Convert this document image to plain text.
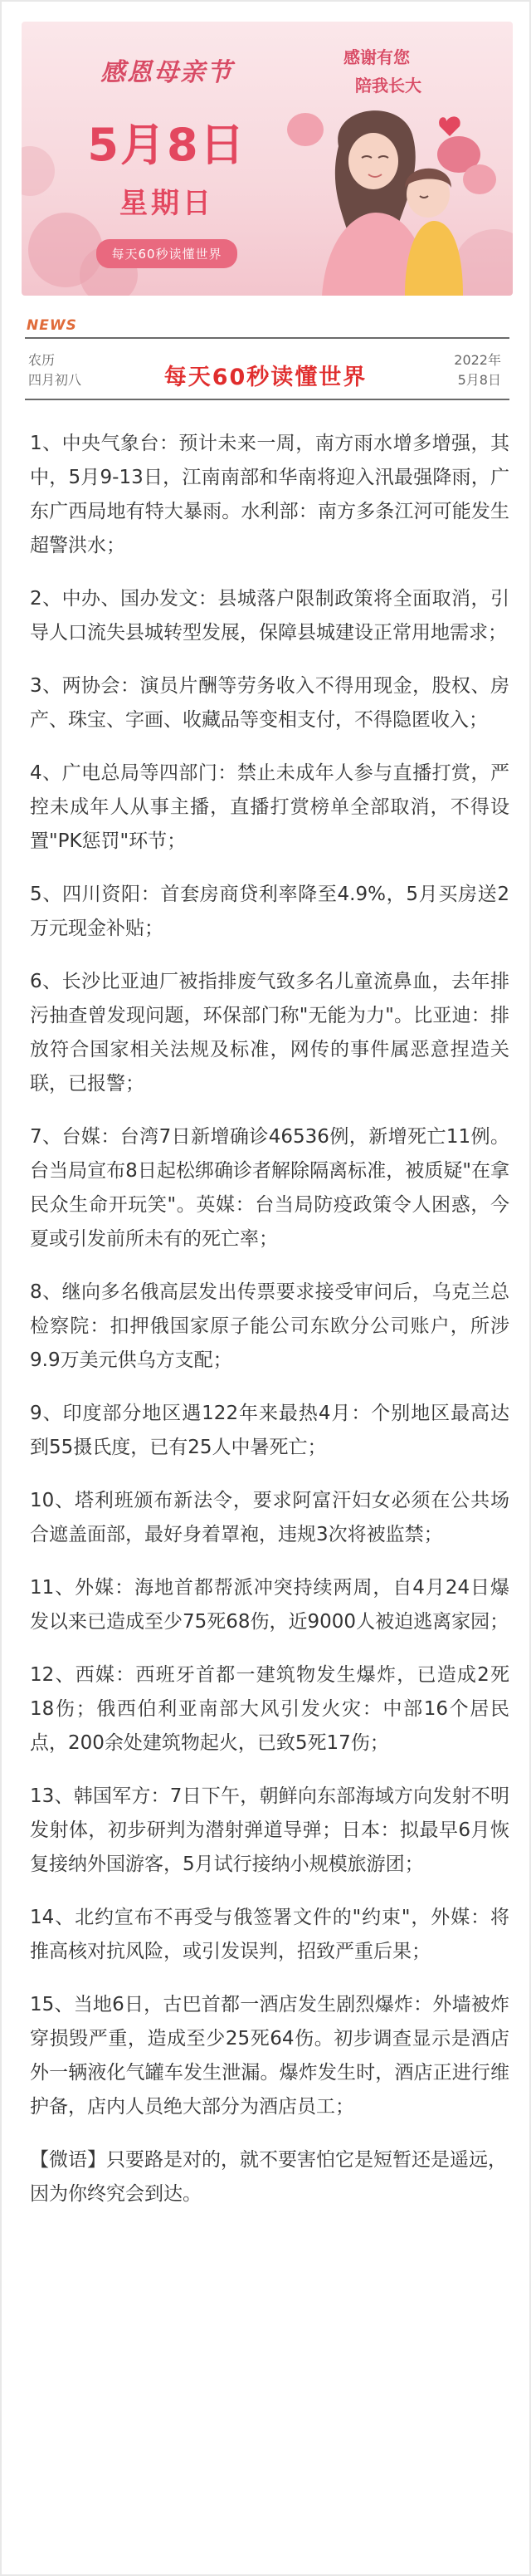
感恩母亲节
5月8日
星期日
每天60秒读懂世界
感谢有您
陪我长大
NEWS
农历
四月初八	每天60秒读懂世界
2022年
5月8日

1、中央气象台：预计未来一周，南方雨水增多增强，其中，5月9-13日，江南南部和华南将迎入汛最强降雨，广东广西局地有特大暴雨。水利部：南方多条江河可能发生超警洪水；

2、中办、国办发文：县城落户限制政策将全面取消，引导人口流失县城转型发展，保障县城建设正常用地需求；

3、两协会：演员片酬等劳务收入不得用现金，股权、房产、珠宝、字画、收藏品等变相支付，不得隐匿收入；

4、广电总局等四部门：禁止未成年人参与直播打赏，严控未成年人从事主播，直播打赏榜单全部取消，不得设置"PK惩罚"环节；

5、四川资阳：首套房商贷利率降至4.9%，5月买房送2万元现金补贴；

6、长沙比亚迪厂被指排废气致多名儿童流鼻血，去年排污抽查曾发现问题，环保部门称"无能为力"。比亚迪：排放符合国家相关法规及标准，网传的事件属恶意捏造关联，已报警；

7、台媒：台湾7日新增确诊46536例，新增死亡11例。台当局宣布8日起松绑确诊者解除隔离标准，被质疑"在拿民众生命开玩笑"。英媒：台当局防疫政策令人困惑，今夏或引发前所未有的死亡率；

8、继向多名俄高层发出传票要求接受审问后，乌克兰总检察院：扣押俄国家原子能公司东欧分公司账户，所涉9.9万美元供乌方支配；

9、印度部分地区遇122年来最热4月：个别地区最高达到55摄氏度，已有25人中暑死亡；

10、塔利班颁布新法令，要求阿富汗妇女必须在公共场合遮盖面部，最好身着罩袍，违规3次将被监禁；

11、外媒：海地首都帮派冲突持续两周，自4月24日爆发以来已造成至少75死68伤，近9000人被迫逃离家园；

12、西媒：西班牙首都一建筑物发生爆炸，已造成2死18伤；俄西伯利亚南部大风引发火灾：中部16个居民点，200余处建筑物起火，已致5死17伤；

13、韩国军方：7日下午，朝鲜向东部海域方向发射不明发射体，初步研判为潜射弹道导弹；日本：拟最早6月恢复接纳外国游客，5月试行接纳小规模旅游团；

14、北约宣布不再受与俄签署文件的"约束"，外媒：将推高核对抗风险，或引发误判，招致严重后果；

15、当地6日，古巴首都一酒店发生剧烈爆炸：外墙被炸穿损毁严重，造成至少25死64伤。初步调查显示是酒店外一辆液化气罐车发生泄漏。爆炸发生时，酒店正进行维护备，店内人员绝大部分为酒店员工；

【微语】只要路是对的，就不要害怕它是短暂还是遥远，因为你终究会到达。
